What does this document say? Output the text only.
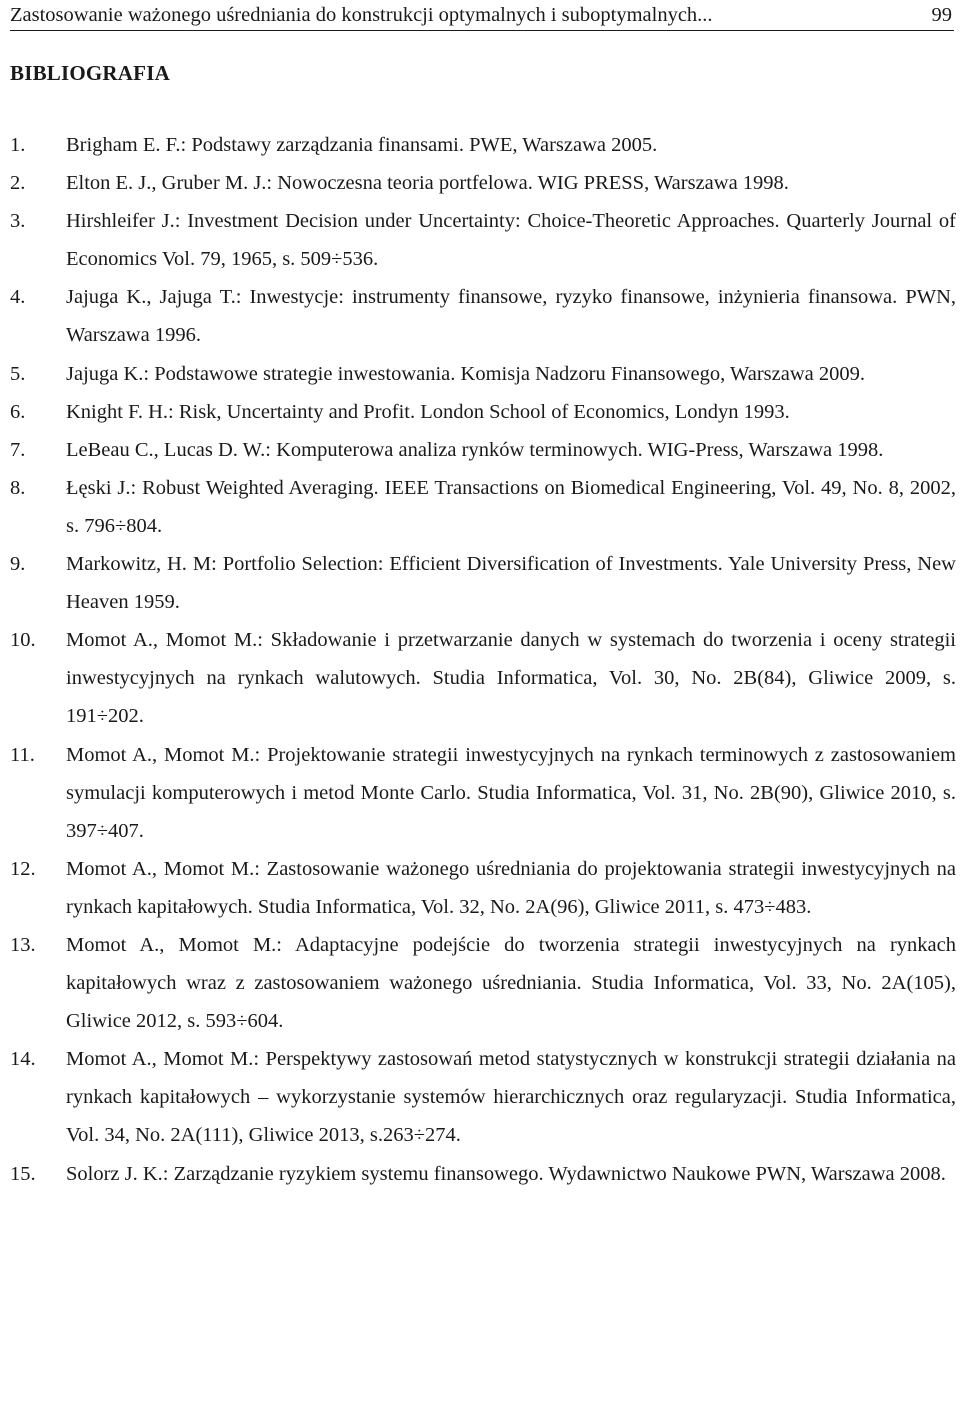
Zastosowanie ważonego uśredniania do konstrukcji optymalnych i suboptymalnych...	99
BIBLIOGRAFIA
1. Brigham E. F.: Podstawy zarządzania finansami. PWE, Warszawa 2005.
2. Elton E. J., Gruber M. J.: Nowoczesna teoria portfelowa. WIG PRESS, Warszawa 1998.
3. Hirshleifer J.: Investment Decision under Uncertainty: Choice-Theoretic Approaches. Quarterly Journal of Economics Vol. 79, 1965, s. 509÷536.
4. Jajuga K., Jajuga T.: Inwestycje: instrumenty finansowe, ryzyko finansowe, inżynieria finansowa. PWN, Warszawa 1996.
5. Jajuga K.: Podstawowe strategie inwestowania. Komisja Nadzoru Finansowego, Warszawa 2009.
6. Knight F. H.: Risk, Uncertainty and Profit. London School of Economics, Londyn 1993.
7. LeBeau C., Lucas D. W.: Komputerowa analiza rynków terminowych. WIG-Press, Warszawa 1998.
8. Łęski J.: Robust Weighted Averaging. IEEE Transactions on Biomedical Engineering, Vol. 49, No. 8, 2002, s. 796÷804.
9. Markowitz, H. M: Portfolio Selection: Efficient Diversification of Investments. Yale University Press, New Heaven 1959.
10. Momot A., Momot M.: Składowanie i przetwarzanie danych w systemach do tworzenia i oceny strategii inwestycyjnych na rynkach walutowych. Studia Informatica, Vol. 30, No. 2B(84), Gliwice 2009, s. 191÷202.
11. Momot A., Momot M.: Projektowanie strategii inwestycyjnych na rynkach terminowych z zastosowaniem symulacji komputerowych i metod Monte Carlo. Studia Informatica, Vol. 31, No. 2B(90), Gliwice 2010, s. 397÷407.
12. Momot A., Momot M.: Zastosowanie ważonego uśredniania do projektowania strategii inwestycyjnych na rynkach kapitałowych. Studia Informatica, Vol. 32, No. 2A(96), Gliwice 2011, s. 473÷483.
13. Momot A., Momot M.: Adaptacyjne podejście do tworzenia strategii inwestycyjnych na rynkach kapitałowych wraz z zastosowaniem ważonego uśredniania. Studia Informatica, Vol. 33, No. 2A(105), Gliwice 2012, s. 593÷604.
14. Momot A., Momot M.: Perspektywy zastosowań metod statystycznych w konstrukcji strategii działania na rynkach kapitałowych – wykorzystanie systemów hierarchicznych oraz regularyzacji. Studia Informatica, Vol. 34, No. 2A(111), Gliwice 2013, s.263÷274.
15. Solorz J. K.: Zarządzanie ryzykiem systemu finansowego. Wydawnictwo Naukowe PWN, Warszawa 2008.
